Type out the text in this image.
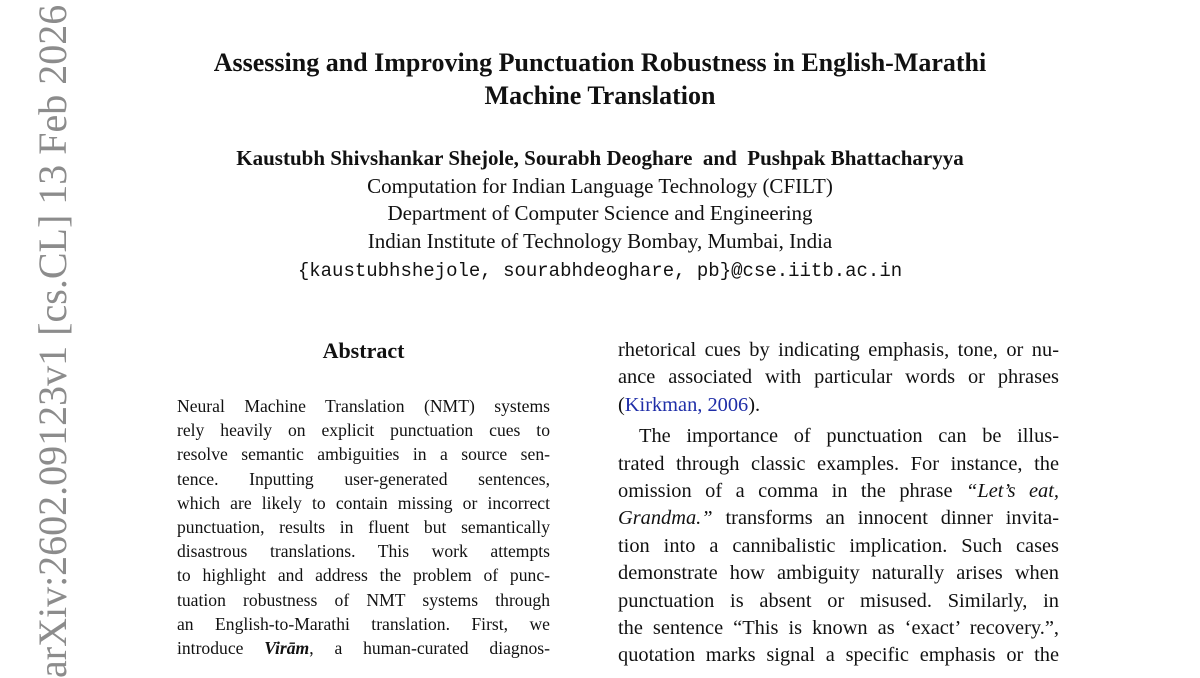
Assessing and Improving Punctuation Robustness in English-Marathi
Machine Translation

Kaustubh Shivshankar Shejole, Sourabh Deoghare  and  Pushpak Bhattacharyya

Computation for Indian Language Technology (CFILT)

Department of Computer Science and Engineering

Indian Institute of Technology Bombay, Mumbai, India

{kaustubhshejole, sourabhdeoghare, pb}@cse.iitb.ac.in

Abstract
Neural Machine Translation (NMT) systems
rely heavily on explicit punctuation cues to
resolve semantic ambiguities in a source sen-
tence. Inputting user-generated sentences,
which are likely to contain missing or incorrect
punctuation, results in fluent but semantically
disastrous translations. This work attempts
to highlight and address the problem of punc-
tuation robustness of NMT systems through
an English-to-Marathi translation. First, we
introduce Virām, a human-curated diagnos-
rhetorical cues by indicating emphasis, tone, or nu-
ance associated with particular words or phrases
(Kirkman, 2006).
The importance of punctuation can be illus-
trated through classic examples. For instance, the
omission of a comma in the phrase “Let’s eat,
Grandma.” transforms an innocent dinner invita-
tion into a cannibalistic implication. Such cases
demonstrate how ambiguity naturally arises when
punctuation is absent or misused. Similarly, in
the sentence “This is known as ‘exact’ recovery.”,
quotation marks signal a specific emphasis or the
arXiv:2602.09123v1 [cs.CL] 13 Feb 2026
